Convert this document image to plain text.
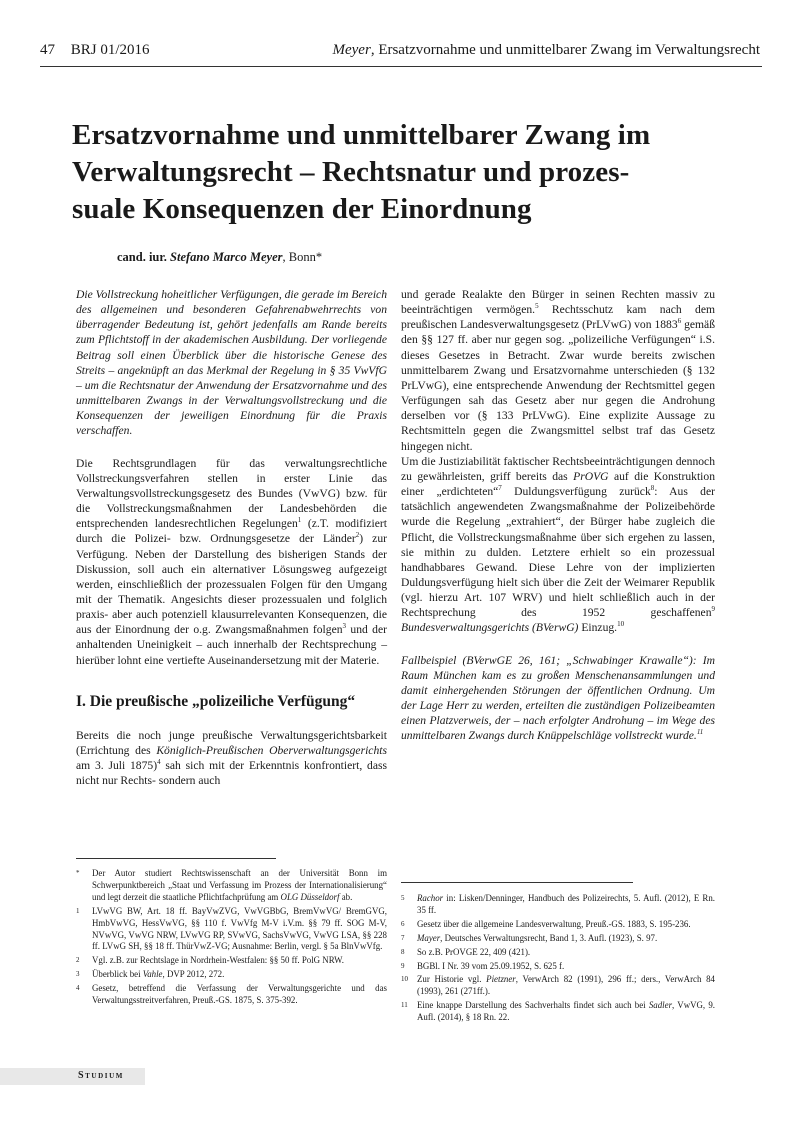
47 BRJ 01/2016	Meyer, Ersatzvornahme und unmittelbarer Zwang im Verwaltungsrecht
Ersatzvornahme und unmittelbarer Zwang im
Verwaltungsrecht – Rechtsnatur und prozes-
suale Konsequenzen der Einordnung
cand. iur. Stefano Marco Meyer, Bonn*

Die Vollstreckung hoheitlicher Verfügungen, die gerade im Bereich des allgemeinen und besonderen Gefahrenabwehrrechts von überragender Bedeutung ist, gehört jedenfalls am Rande bereits zum Pflichtstoff in der akademischen Ausbildung. Der vorliegende Beitrag soll einen Überblick über die historische Genese des Streits – angeknüpft an das Merkmal der Regelung in § 35 VwVfG – um die Rechtsnatur der Anwendung der Ersatzvornahme und des unmittelbaren Zwangs in der Verwaltungsvollstreckung und die Konsequenzen der jeweiligen Einordnung für die Praxis verschaffen.

Die Rechtsgrundlagen für das verwaltungsrechtliche Vollstreckungsverfahren stellen in erster Linie das Verwaltungsvollstreckungsgesetz des Bundes (VwVG) bzw. für die Vollstreckungsmaßnahmen der Landesbehörden die entsprechenden landesrechtlichen Regelungen$^1$ (z.T. modifiziert durch die Polizei- bzw. Ordnungsgesetze der Länder$^2$) zur Verfügung. Neben der Darstellung des bisherigen Stands der Diskussion, soll auch ein alternativer Lösungsweg aufgezeigt werden, einschließlich der prozessualen Folgen für den Umgang mit der Thematik. Angesichts dieser prozessualen und folglich praxis- aber auch potenziell klausurrelevanten Konsequenzen, die aus der Einordnung der o.g. Zwangsmaßnahmen folgen$^3$ und der anhaltenden Uneinigkeit – auch innerhalb der Rechtsprechung – hierüber lohnt eine vertiefte Auseinandersetzung mit der Materie.

I. Die preußische „polizeiliche Verfügung“

Bereits die noch junge preußische Verwaltungsgerichtsbarkeit (Errichtung des Königlich-Preußischen Oberverwaltungsgerichts am 3. Juli 1875)$^4$ sah sich mit der Erkenntnis konfrontiert, dass nicht nur Rechts- sondern auch

und gerade Realakte den Bürger in seinen Rechten massiv zu beeinträchtigen vermögen.$^5$ Rechtsschutz kam nach dem preußischen Landesverwaltungsgesetz (PrLVwG) von 1883$^6$ gemäß den §§ 127 ff. aber nur gegen sog. „polizeiliche Verfügungen“ i.S. dieses Gesetzes in Betracht. Zwar wurde bereits zwischen unmittelbarem Zwang und Ersatzvornahme unterschieden (§ 132 PrLVwG), eine entsprechende Anwendung der Rechtsmittel gegen Verfügungen sah das Gesetz aber nur gegen die Androhung derselben vor (§ 133 PrLVwG). Eine explizite Aussage zu Rechtsmitteln gegen die Zwangsmittel selbst traf das Gesetz hingegen nicht.

Um die Justiziabilität faktischer Rechtsbeeinträchtigungen dennoch zu gewährleisten, griff bereits das PrOVG auf die Konstruktion einer „erdichteten“$^7$ Duldungsverfügung zurück$^8$: Aus der tatsächlich angewendeten Zwangsmaßnahme der Polizeibehörde wurde die Regelung „extrahiert“, der Bürger habe zugleich die Pflicht, die Vollstreckungsmaßnahme über sich ergehen zu lassen, sie mithin zu dulden. Letztere erhielt so ein prozessual handhabbares Gewand. Diese Lehre von der implizierten Duldungsverfügung hielt sich über die Zeit der Weimarer Republik (vgl. hierzu Art. 107 WRV) und hielt schließlich auch in der Rechtsprechung des 1952 geschaffenen$^9$ Bundesverwaltungsgerichts (BVerwG) Einzug.$^{10}$

Fallbeispiel (BVerwGE 26, 161; „Schwabinger Krawalle“): Im Raum München kam es zu großen Menschenansammlungen und damit einhergehenden Störungen der öffentlichen Ordnung. Um der Lage Herr zu werden, erteilten die zuständigen Polizeibeamten einen Platzverweis, der – nach erfolgter Androhung – im Wege des unmittelbaren Zwangs durch Knüppelschläge vollstreckt wurde.$^{11}$

* Der Autor studiert Rechtswissenschaft an der Universität Bonn im Schwerpunktbereich „Staat und Verfassung im Prozess der Internationalisierung“ und legt derzeit die staatliche Pflichtfachprüfung am OLG Düsseldorf ab.
1 LVwVG BW, Art. 18 ff. BayVwZVG, VwVGBbG, BremVwVG/ BremGVG, HmbVwVG, HessVwVG, §§ 110 f. VwVfg M-V i.V.m. §§ 79 ff. SOG M-V, NVwVG, VwVG NRW, LVwVG RP, SVwVG, SachsVwVG, VwVG LSA, §§ 228 ff. LVwG SH, §§ 18 ff. ThürVwZ-VG; Ausnahme: Berlin, vergl. § 5a BlnVwVfg.
2 Vgl. z.B. zur Rechtslage in Nordrhein-Westfalen: §§ 50 ff. PolG NRW.
3 Überblick bei Vahle, DVP 2012, 272.
4 Gesetz, betreffend die Verfassung der Verwaltungsgerichte und das Verwaltungsstreitverfahren, Preuß.-GS. 1875, S. 375-392.
5 Rachor in: Lisken/Denninger, Handbuch des Polizeirechts, 5. Aufl. (2012), E Rn. 35 ff.
6 Gesetz über die allgemeine Landesverwaltung, Preuß.-GS. 1883, S. 195-236.
7 Mayer, Deutsches Verwaltungsrecht, Band 1, 3. Aufl. (1923), S. 97.
8 So z.B. PrOVGE 22, 409 (421).
9 BGBl. I Nr. 39 vom 25.09.1952, S. 625 f.
10 Zur Historie vgl. Pietzner, VerwArch 82 (1991), 296 ff.; ders., VerwArch 84 (1993), 261 (271ff.).
11 Eine knappe Darstellung des Sachverhalts findet sich auch bei Sadler, VwVG, 9. Aufl. (2014), § 18 Rn. 22.
Studium
